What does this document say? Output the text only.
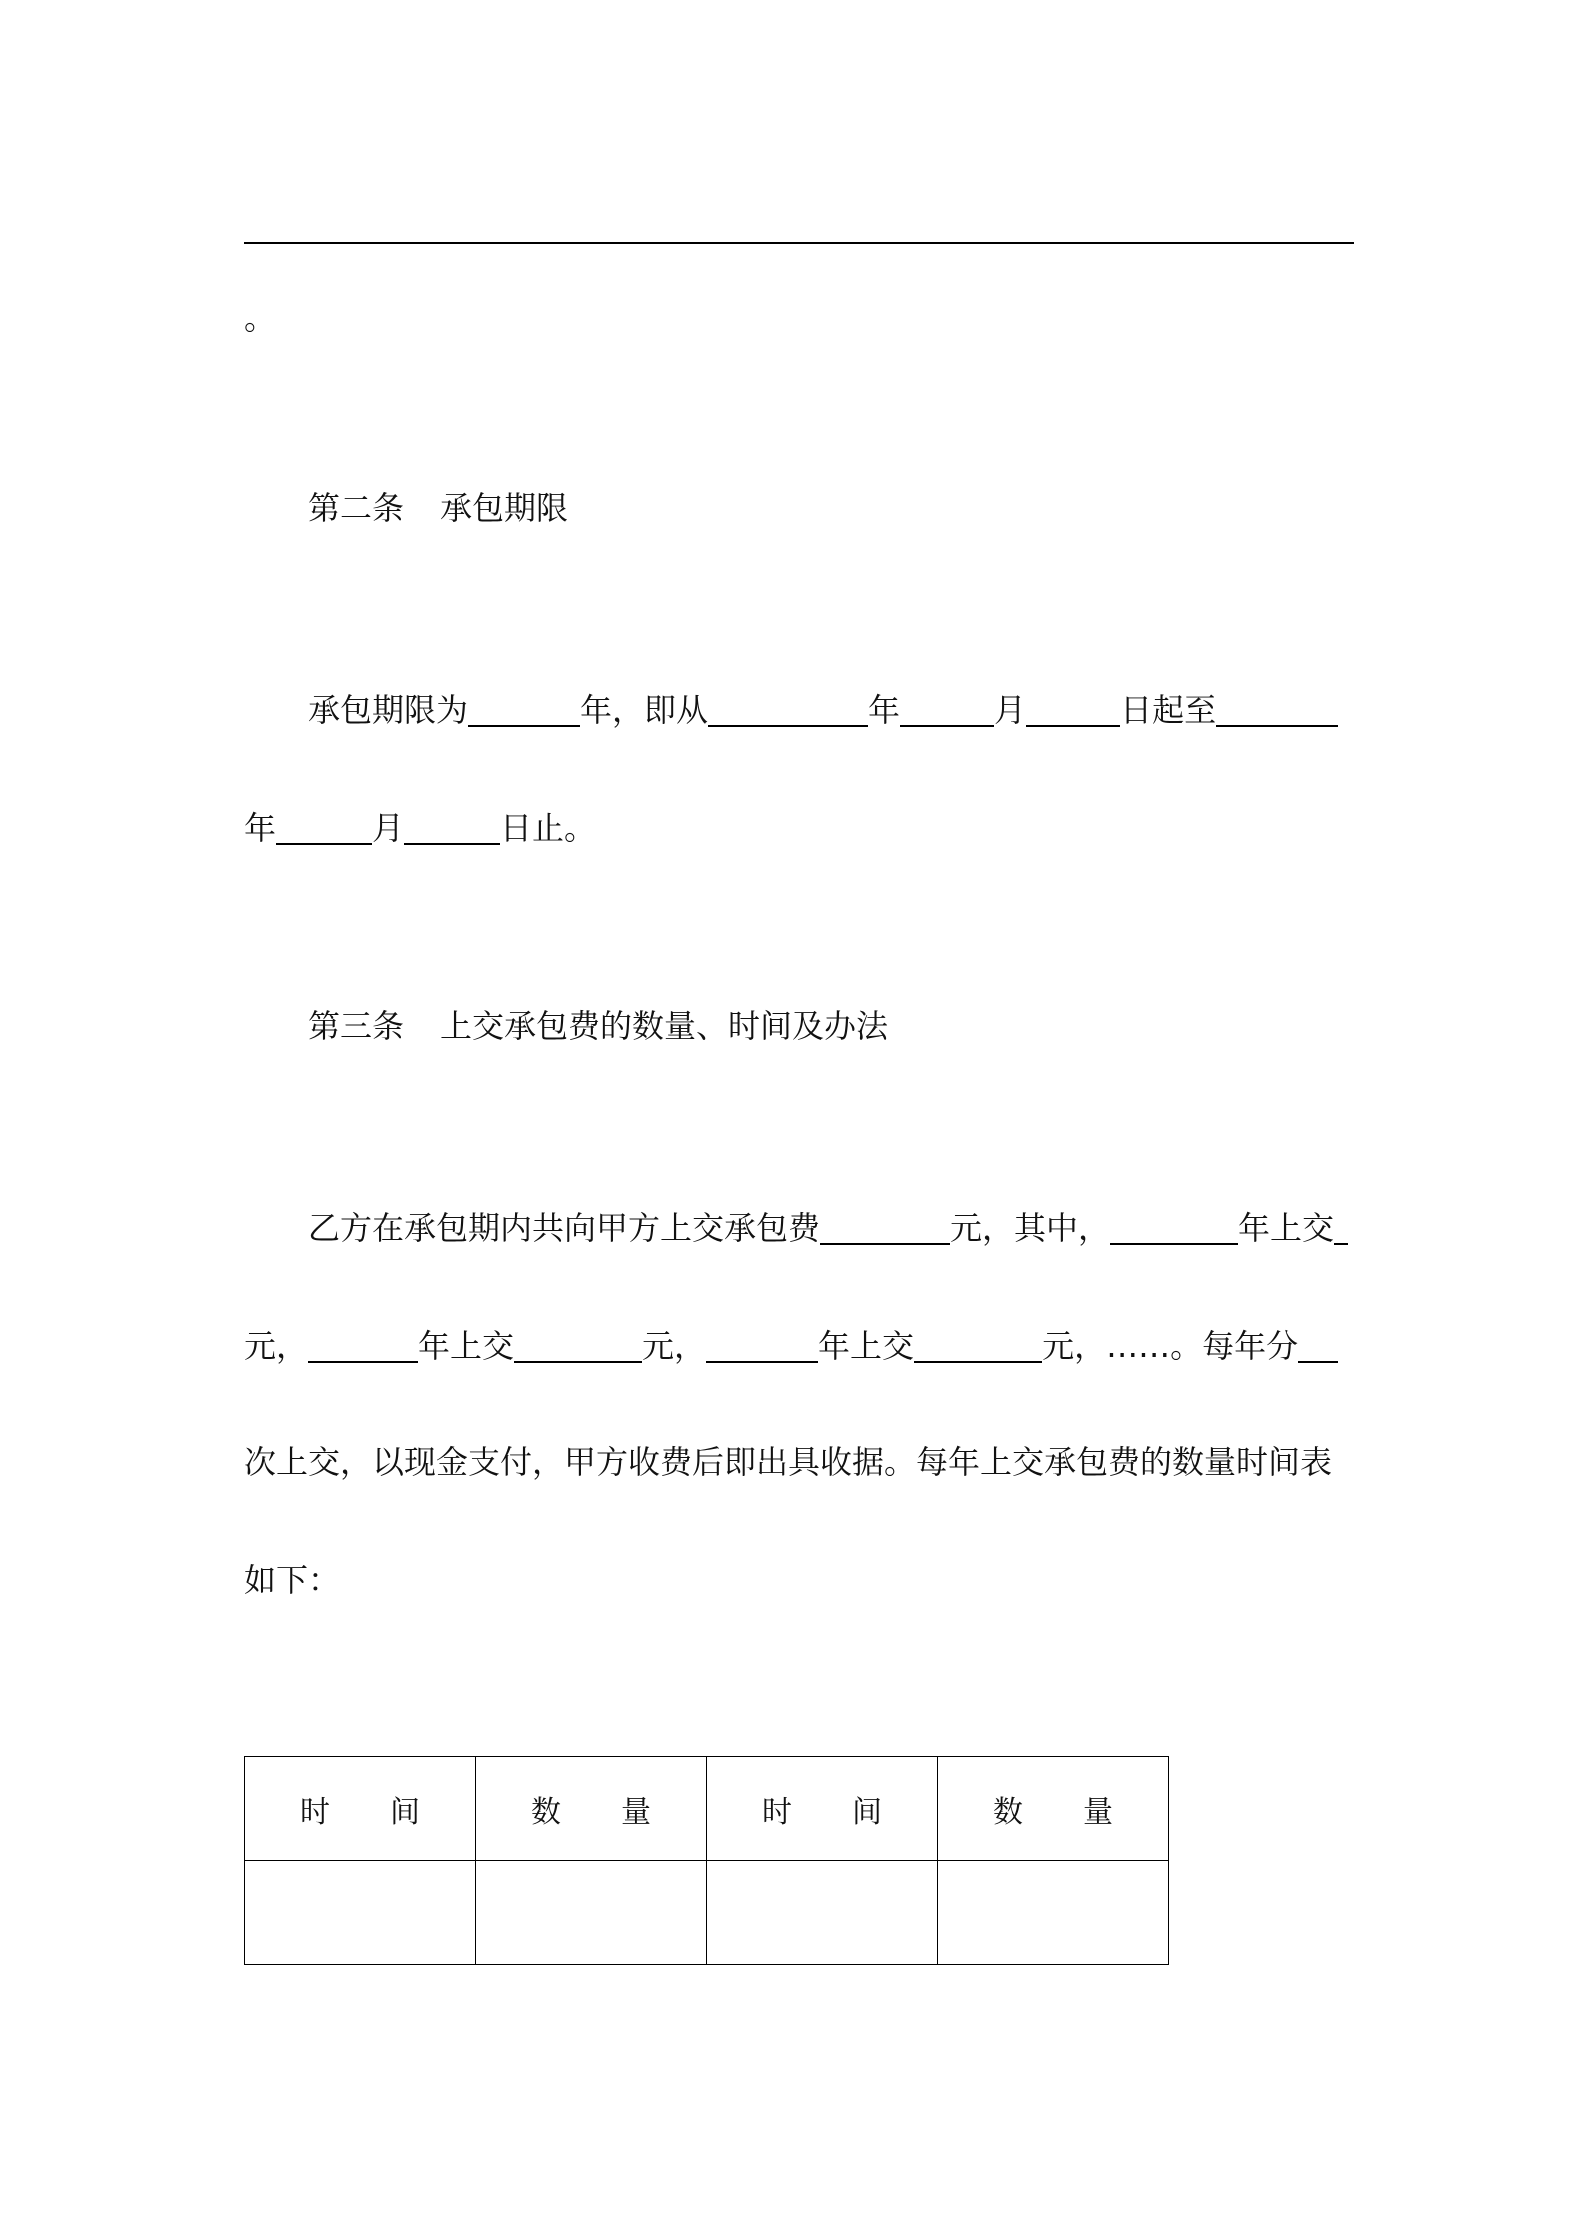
。
第二条 承包期限
承包期限为	年，即从	年	月	日起至
年	月	日止。
第三条 上交承包费的数量、时间及办法
乙方在承包期内共向甲方上交承包费	元，其中，	年上交
元，	年上交	元，	年上交	元，……。每年分
次上交，以现金支付，甲方收费后即出具收据。每年上交承包费的数量时间表
如下：
时间	数量	时间	数量
